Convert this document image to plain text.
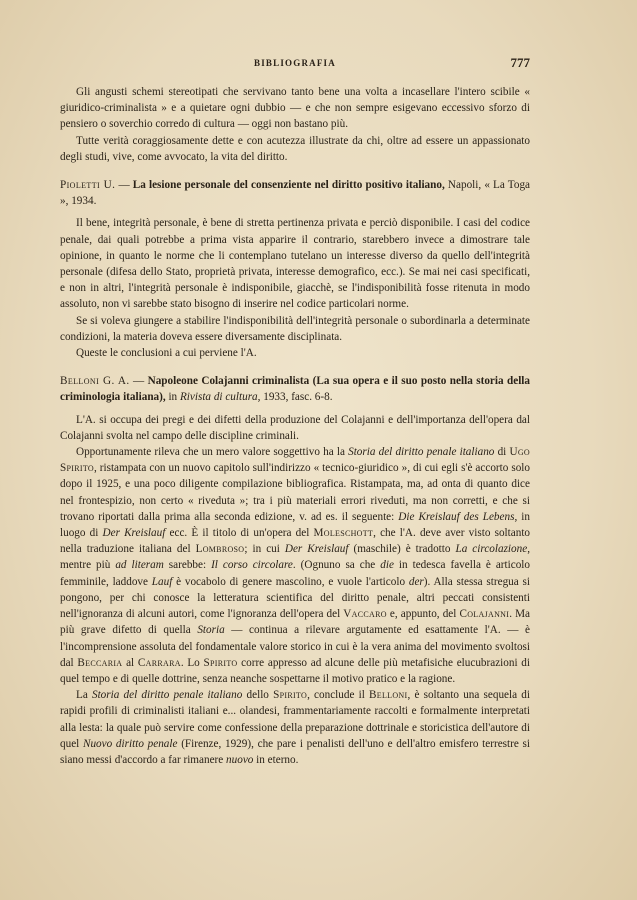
BIBLIOGRAFIA	777

Gli angusti schemi stereotipati che servivano tanto bene una volta a incasellare l'intero scibile « giuridico-criminalista » e a quietare ogni dubbio — e che non sempre esigevano eccessivo sforzo di pensiero o soverchio corredo di cultura — oggi non bastano più.

Tutte verità coraggiosamente dette e con acutezza illustrate da chi, oltre ad essere un appassionato degli studi, vive, come avvocato, la vita del diritto.

Pioletti U. — La lesione personale del consenziente nel diritto positivo italiano, Napoli, « La Toga », 1934.

Il bene, integrità personale, è bene di stretta pertinenza privata e perciò disponibile. I casi del codice penale, dai quali potrebbe a prima vista apparire il contrario, starebbero invece a dimostrare tale opinione, in quanto le norme che li contemplano tutelano un interesse diverso da quello dell'integrità personale (difesa dello Stato, proprietà privata, interesse demografico, ecc.). Se mai nei casi specificati, e non in altri, l'integrità personale è indisponibile, giacchè, se l'indisponibilità fosse ritenuta in modo assoluto, non vi sarebbe stato bisogno di inserire nel codice particolari norme.

Se si voleva giungere a stabilire l'indisponibilità dell'integrità personale o subordinarla a determinate condizioni, la materia doveva essere diversamente disciplinata.

Queste le conclusioni a cui perviene l'A.

Belloni G. A. — Napoleone Colajanni criminalista (La sua opera e il suo posto nella storia della criminologia italiana), in Rivista di cultura, 1933, fasc. 6-8.

L'A. si occupa dei pregi e dei difetti della produzione del Colajanni e dell'importanza dell'opera dal Colajanni svolta nel campo delle discipline criminali.

Opportunamente rileva che un mero valore soggettivo ha la Storia del diritto penale italiano di Ugo Spirito, ristampata con un nuovo capitolo sull'indirizzo « tecnico-giuridico », di cui egli s'è accorto solo dopo il 1925, e una poco diligente compilazione bibliografica. Ristampata, ma, ad onta di quanto dice nel frontespizio, non certo « riveduta »; tra i più materiali errori riveduti, ma non corretti, e che si trovano riportati dalla prima alla seconda edizione, v. ad es. il seguente: Die Kreislauf des Lebens, in luogo di Der Kreislauf ecc. È il titolo di un'opera del Moleschott, che l'A. deve aver visto soltanto nella traduzione italiana del Lombroso; in cui Der Kreislauf (maschile) è tradotto La circolazione, mentre più ad literam sarebbe: Il corso circolare. (Ognuno sa che die in tedesca favella è articolo femminile, laddove Lauf è vocabolo di genere mascolino, e vuole l'articolo der). Alla stessa stregua si pongono, per chi conosce la letteratura scientifica del diritto penale, altri peccati consistenti nell'ignoranza di alcuni autori, come l'ignoranza dell'opera del Vaccaro e, appunto, del Colajanni. Ma più grave difetto di quella Storia — continua a rilevare argutamente ed esattamente l'A. — è l'incomprensione assoluta del fondamentale valore storico in cui è la vera anima del movimento svoltosi dal Beccaria al Carrara. Lo Spirito corre appresso ad alcune delle più metafisiche elucubrazioni di quel tempo e di quelle dottrine, senza neanche sospettarne il motivo pratico e la ragione.

La Storia del diritto penale italiano dello Spirito, conclude il Belloni, è soltanto una sequela di rapidi profili di criminalisti italiani e... olandesi, frammentariamente raccolti e formalmente interpretati alla lesta: la quale può servire come confessione della preparazione dottrinale e storicistica dell'autore di quel Nuovo diritto penale (Firenze, 1929), che pare i penalisti dell'uno e dell'altro emisfero terrestre si siano messi d'accordo a far rimanere nuovo in eterno.
